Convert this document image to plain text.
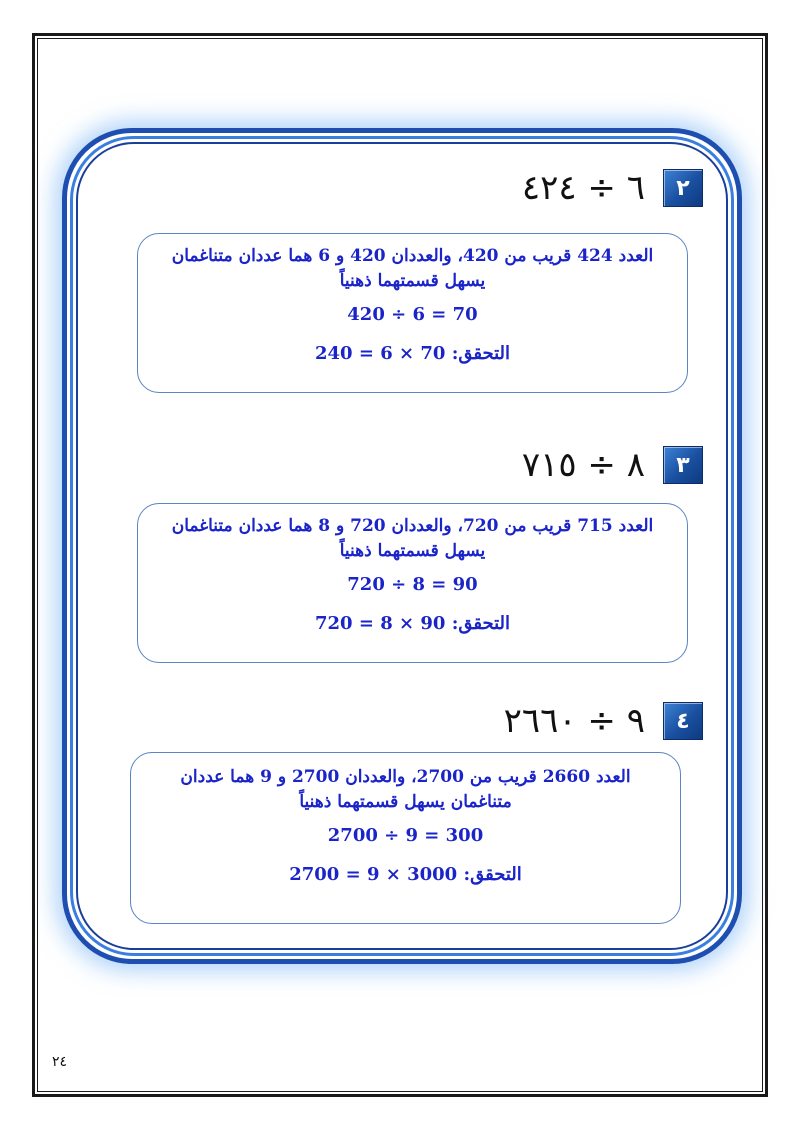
٦ ÷ ٤٢٤	٢
العدد 424 قريب من 420، والعددان 420 و 6 هما عددان متناغمان
يسهل قسمتهما ذهنياً
70 = 6 ÷ 420
التحقق: 70 × 6 = 240
٨ ÷ ٧١٥	٣
العدد 715 قريب من 720، والعددان 720 و 8 هما عددان متناغمان
يسهل قسمتهما ذهنياً
90 = 8 ÷ 720
التحقق: 90 × 8 = 720
٩ ÷ ٢٦٦٠	٤
العدد 2660 قريب من 2700، والعددان 2700 و 9 هما عددان
متناغمان يسهل قسمتهما ذهنياً
300 = 9 ÷ 2700
التحقق: 3000 × 9 = 2700
٢٤
